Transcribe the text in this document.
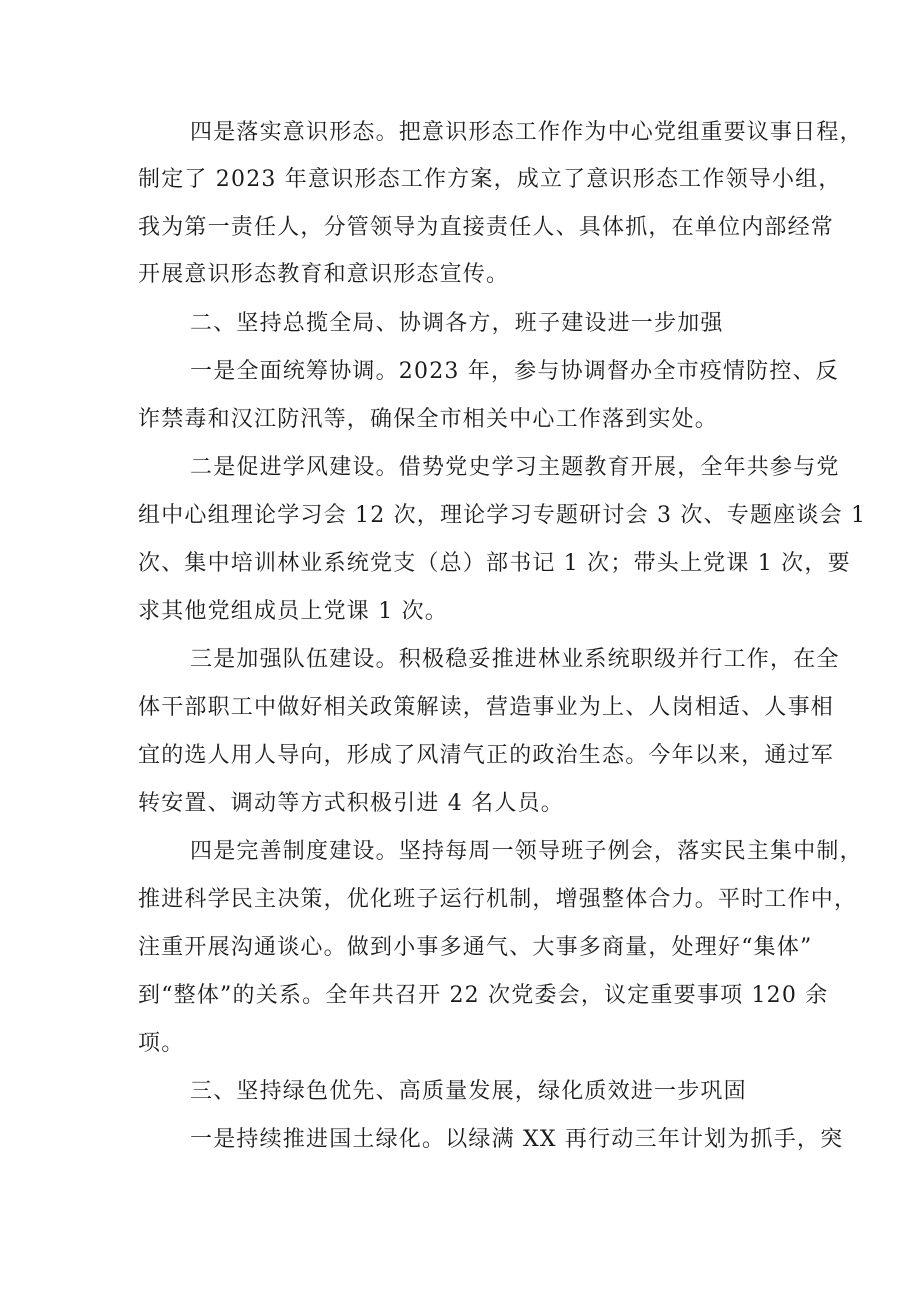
四是落实意识形态。把意识形态工作作为中心党组重要议事日程，

制定了 2023 年意识形态工作方案，成立了意识形态工作领导小组，

我为第一责任人，分管领导为直接责任人、具体抓，在单位内部经常

开展意识形态教育和意识形态宣传。

二、坚持总揽全局、协调各方，班子建设进一步加强

一是全面统筹协调。2023 年，参与协调督办全市疫情防控、反

诈禁毒和汉江防汛等，确保全市相关中心工作落到实处。

二是促进学风建设。借势党史学习主题教育开展，全年共参与党

组中心组理论学习会 12 次，理论学习专题研讨会 3 次、专题座谈会 1

次、集中培训林业系统党支（总）部书记 1 次；带头上党课 1 次，要

求其他党组成员上党课 1 次。

三是加强队伍建设。积极稳妥推进林业系统职级并行工作，在全

体干部职工中做好相关政策解读，营造事业为上、人岗相适、人事相

宜的选人用人导向，形成了风清气正的政治生态。今年以来，通过军

转安置、调动等方式积极引进 4 名人员。

四是完善制度建设。坚持每周一领导班子例会，落实民主集中制，

推进科学民主决策，优化班子运行机制，增强整体合力。平时工作中，

注重开展沟通谈心。做到小事多通气、大事多商量，处理好“集体”

到“整体”的关系。全年共召开 22 次党委会，议定重要事项 120 余

项。

三、坚持绿色优先、高质量发展，绿化质效进一步巩固

一是持续推进国土绿化。以绿满 XX 再行动三年计划为抓手，突
